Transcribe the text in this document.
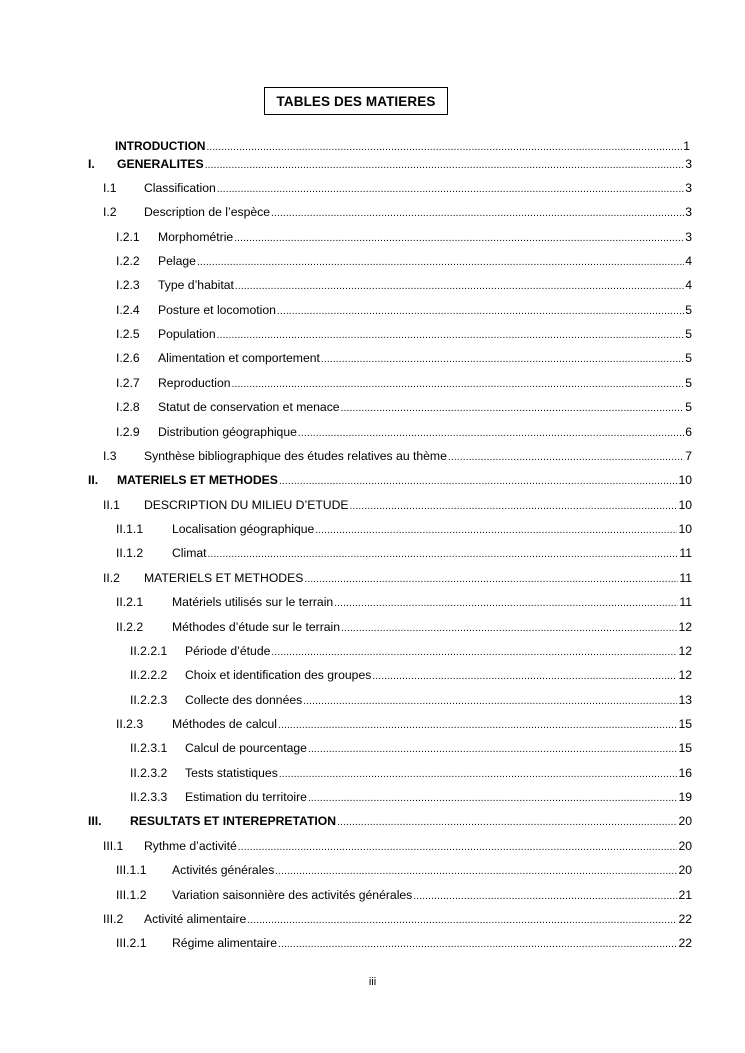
TABLES DES MATIERES
INTRODUCTION .....	1
I. GENERALITES .....	3
I.1 Classification .....	3
I.2 Description de l’espèce .....	3
I.2.1 Morphométrie .....	3
I.2.2 Pelage .....	4
I.2.3 Type d’habitat .....	4
I.2.4 Posture et locomotion .....	5
I.2.5 Population .....	5
I.2.6 Alimentation et comportement .....	5
I.2.7 Reproduction .....	5
I.2.8 Statut de conservation et menace .....	5
I.2.9 Distribution géographique .....	6
I.3 Synthèse bibliographique des études relatives au thème .....	7
II. MATERIELS ET METHODES .....	10
II.1 DESCRIPTION DU MILIEU D’ETUDE .....	10
II.1.1 Localisation géographique .....	10
II.1.2 Climat .....	11
II.2 MATERIELS ET METHODES .....	11
II.2.1 Matériels utilisés sur le terrain .....	11
II.2.2 Méthodes d’étude sur le terrain .....	12
II.2.2.1 Période d’étude .....	12
II.2.2.2 Choix et identification des groupes .....	12
II.2.2.3 Collecte des données .....	13
II.2.3 Méthodes de calcul .....	15
II.2.3.1 Calcul de pourcentage .....	15
II.2.3.2 Tests statistiques .....	16
II.2.3.3 Estimation du territoire .....	19
III. RESULTATS ET INTEREPRETATION .....	20
III.1 Rythme d’activité .....	20
III.1.1 Activités générales .....	20
III.1.2 Variation saisonnière des activités générales .....	21
III.2 Activité alimentaire .....	22
III.2.1 Régime alimentaire .....	22
iii
